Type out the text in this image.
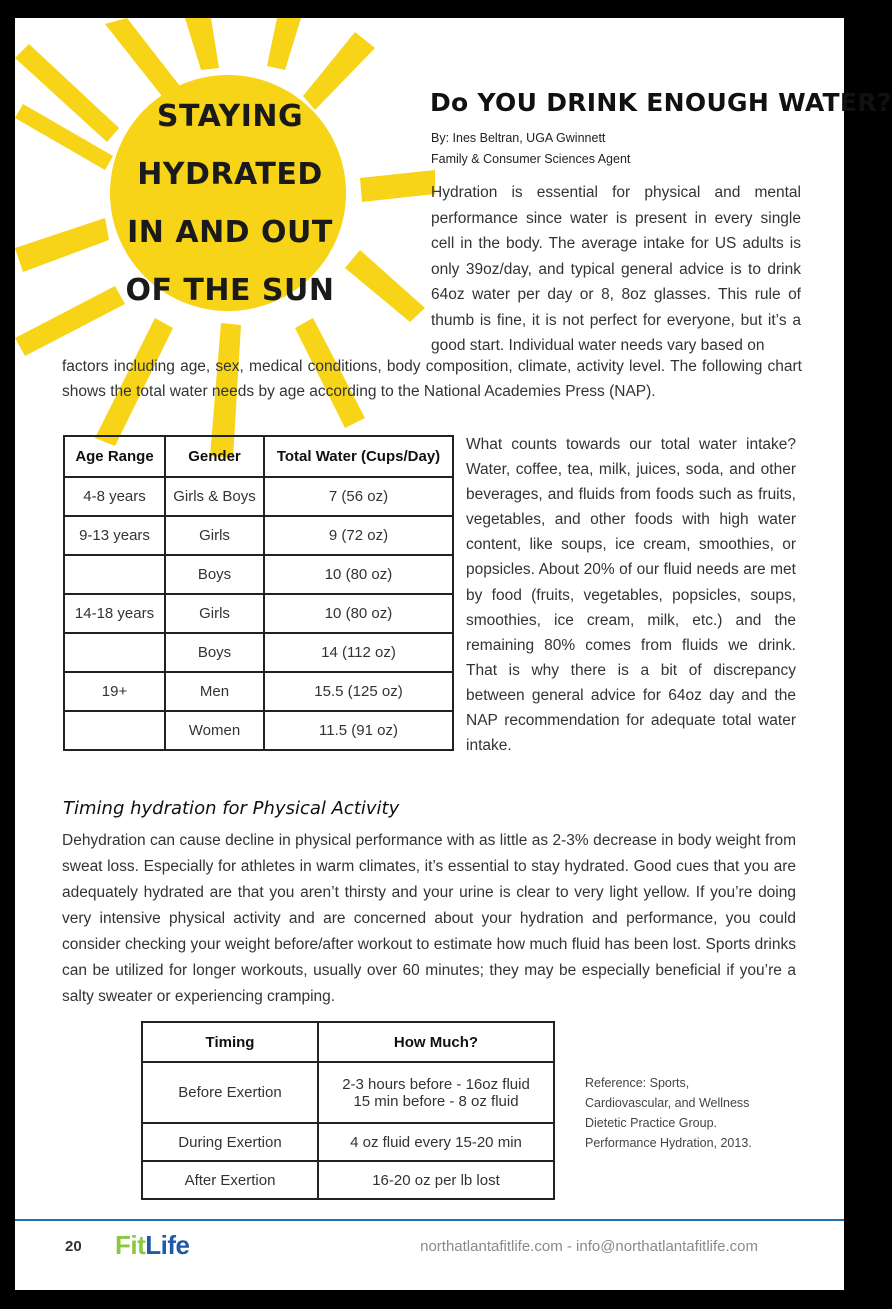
STAYING
HYDRATED
IN AND OUT
OF THE SUN
Do YOU DRINK ENOUGH WATER?
By: Ines Beltran, UGA Gwinnett
Family & Consumer Sciences Agent
Hydration is essential for physical and mental performance since water is present in every single cell in the body. The average intake for US adults is only 39oz/day, and typical general advice is to drink 64oz water per day or 8, 8oz glasses. This rule of thumb is fine, it is not perfect for everyone, but it’s a good start. Individual water needs vary based on
factors including age, sex, medical conditions, body composition, climate, activity level. The following chart shows the total water needs by age according to the National Academies Press (NAP).
Age Range	Gender	Total Water (Cups/Day)
4-8 years	Girls & Boys	7 (56 oz)
9-13 years	Girls	9 (72 oz)
	Boys	10 (80 oz)
14-18 years	Girls	10 (80 oz)
	Boys	14 (112 oz)
19+	Men	15.5 (125 oz)
	Women	11.5 (91 oz)
What counts towards our total water intake? Water, coffee, tea, milk, juices, soda, and other beverages, and fluids from foods such as fruits, vegetables, and other foods with high water content, like soups, ice cream, smoothies, or popsicles. About 20% of our fluid needs are met by food (fruits, vegetables, popsicles, soups, smoothies, ice cream, milk, etc.) and the remaining 80% comes from fluids we drink. That is why there is a bit of discrepancy between general advice for 64oz day and the NAP recommendation for adequate total water intake.
Timing hydration for Physical Activity
Dehydration can cause decline in physical performance with as little as 2-3% decrease in body weight from sweat loss. Especially for athletes in warm climates, it’s essential to stay hydrated. Good cues that you are adequately hydrated are that you aren’t thirsty and your urine is clear to very light yellow. If you’re doing very intensive physical activity and are concerned about your hydration and performance, you could consider checking your weight before/after workout to estimate how much fluid has been lost. Sports drinks can be utilized for longer workouts, usually over 60 minutes; they may be especially beneficial if you’re a salty sweater or experiencing cramping.
Timing	How Much?
Before Exertion	2-3 hours before - 16oz fluid
15 min before - 8 oz fluid

During Exertion	4 oz fluid every 15-20 min
After Exertion	16-20 oz per lb lost
Reference: Sports, Cardiovascular, and Wellness Dietetic Practice Group. Performance Hydration, 2013.
20 FitLife	northatlantafitlife.com - info@northatlantafitlife.com
